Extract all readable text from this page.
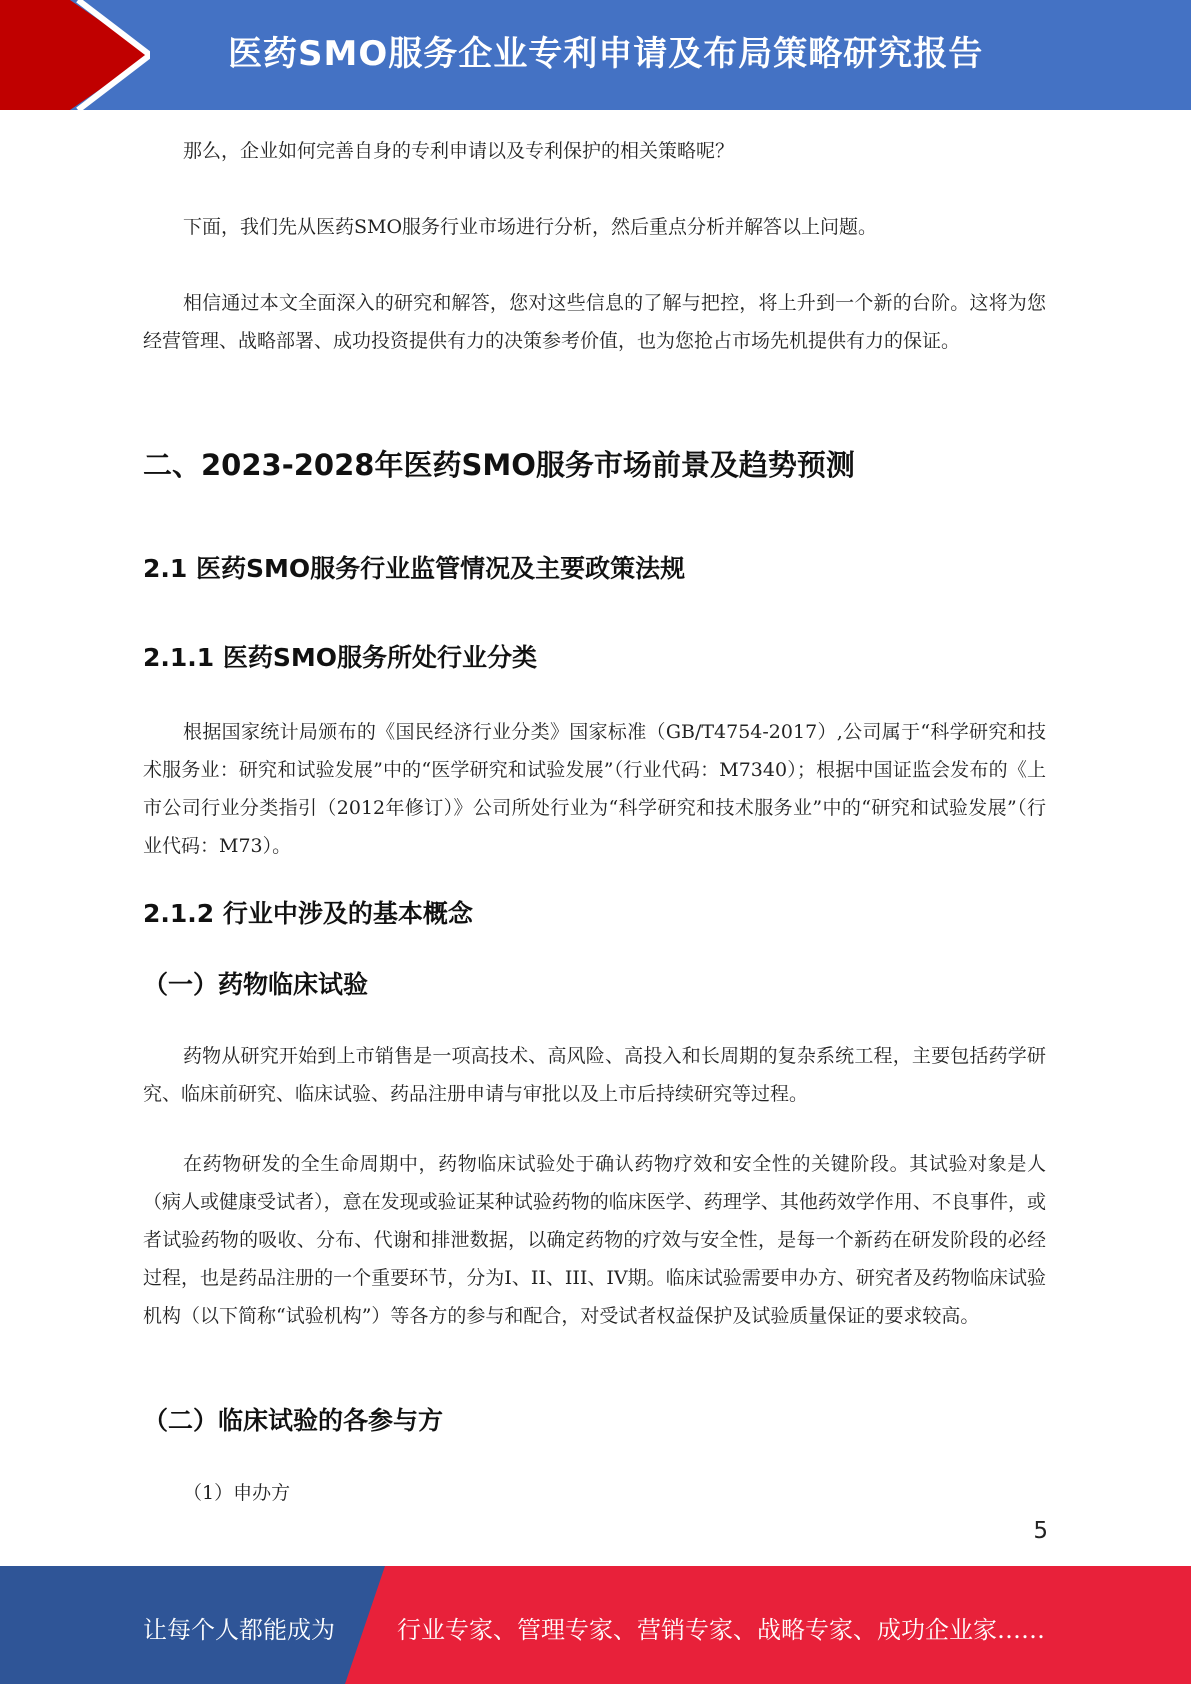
医药SMO服务企业专利申请及布局策略研究报告

那么，企业如何完善自身的专利申请以及专利保护的相关策略呢？

下面，我们先从医药SMO服务行业市场进行分析，然后重点分析并解答以上问题。

相信通过本文全面深入的研究和解答，您对这些信息的了解与把控，将上升到一个新的台阶。这将为您经营管理、战略部署、成功投资提供有力的决策参考价值，也为您抢占市场先机提供有力的保证。

二、2023-2028年医药SMO服务市场前景及趋势预测
2.1 医药SMO服务行业监管情况及主要政策法规
2.1.1 医药SMO服务所处行业分类

根据国家统计局颁布的《国民经济行业分类》国家标准（GB/T4754-2017）,公司属于“科学研究和技术服务业：研究和试验发展”中的“医学研究和试验发展”（行业代码：M7340）；根据中国证监会发布的《上市公司行业分类指引（2012年修订）》公司所处行业为“科学研究和技术服务业”中的“研究和试验发展”（行业代码：M73）。

2.1.2 行业中涉及的基本概念
（一）药物临床试验

药物从研究开始到上市销售是一项高技术、高风险、高投入和长周期的复杂系统工程，主要包括药学研究、临床前研究、临床试验、药品注册申请与审批以及上市后持续研究等过程。

在药物研发的全生命周期中，药物临床试验处于确认药物疗效和安全性的关键阶段。其试验对象是人（病人或健康受试者），意在发现或验证某种试验药物的临床医学、药理学、其他药效学作用、不良事件，或者试验药物的吸收、分布、代谢和排泄数据，以确定药物的疗效与安全性，是每一个新药在研发阶段的必经过程，也是药品注册的一个重要环节，分为I、II、III、IV期。临床试验需要申办方、研究者及药物临床试验机构（以下简称“试验机构”）等各方的参与和配合，对受试者权益保护及试验质量保证的要求较高。

（二）临床试验的各参与方

（1）申办方

5
让每个人都能成为	行业专家、管理专家、营销专家、战略专家、成功企业家……
